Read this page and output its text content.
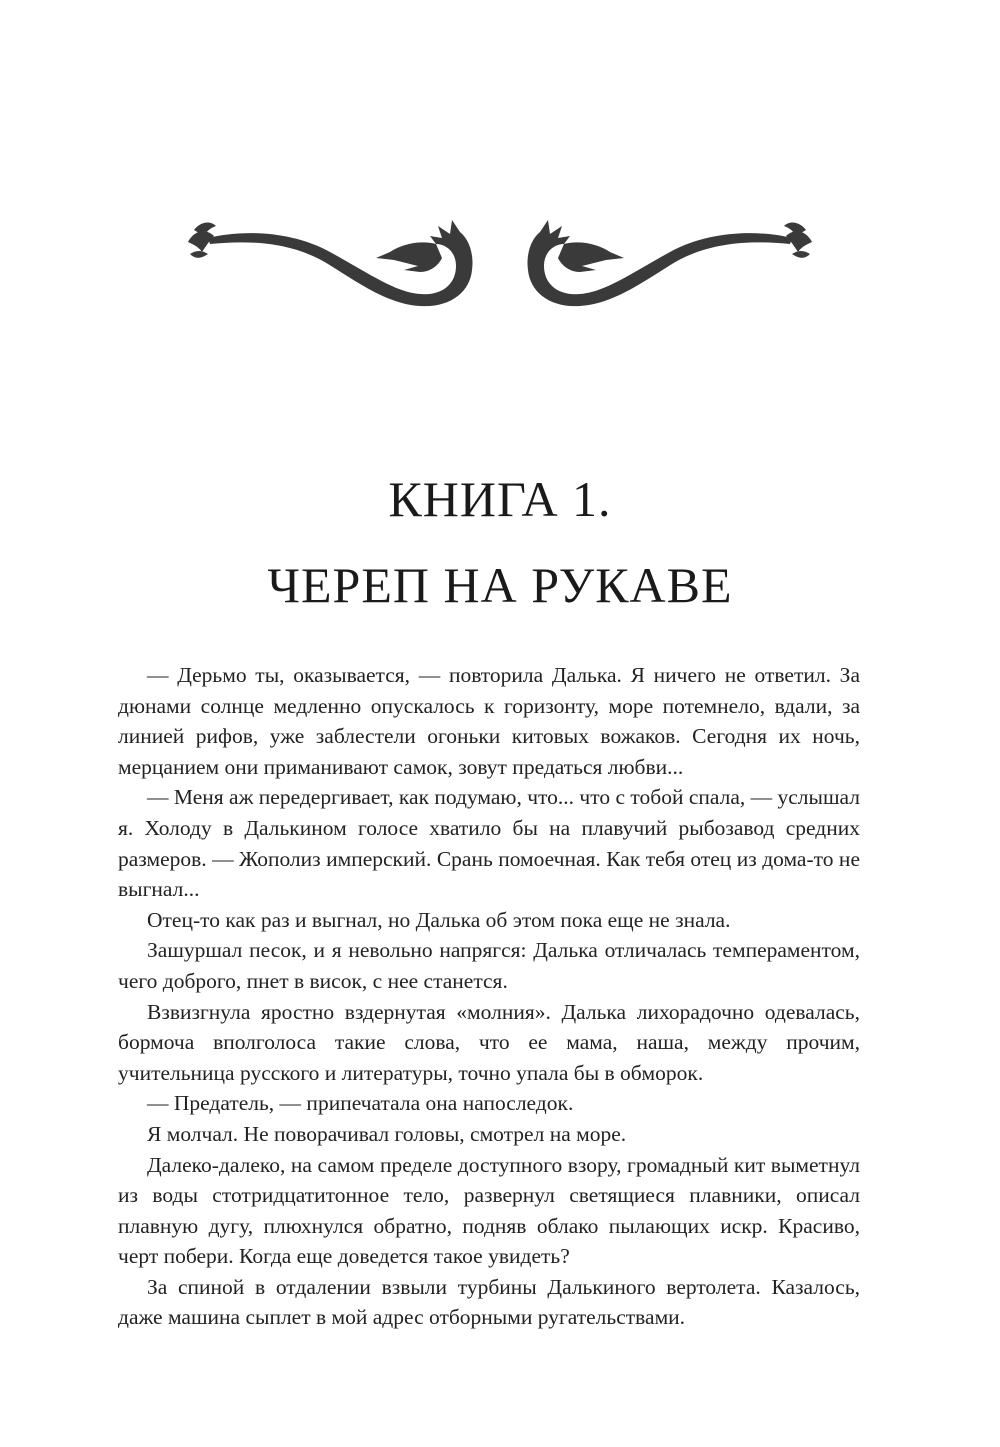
КНИГА 1.
ЧЕРЕП НА РУКАВЕ

— Дерьмо ты, оказывается, — повторила Далька. Я ничего не ответил. За дюнами солнце медленно опускалось к горизонту, море потемнело, вдали, за линией рифов, уже заблестели огоньки китовых вожаков. Сегодня их ночь, мерцанием они приманивают самок, зовут предаться любви...

— Меня аж передергивает, как подумаю, что... что с тобой спала, — услышал я. Холоду в Далькином голосе хватило бы на плавучий рыбозавод средних размеров. — Жополиз имперский. Срань помоечная. Как тебя отец из дома-то не выгнал...

Отец-то как раз и выгнал, но Далька об этом пока еще не знала.

Зашуршал песок, и я невольно напрягся: Далька отличалась темпераментом, чего доброго, пнет в висок, с нее станется.

Взвизгнула яростно вздернутая «молния». Далька лихорадочно одевалась, бормоча вполголоса такие слова, что ее мама, наша, между прочим, учительница русского и литературы, точно упала бы в обморок.

— Предатель, — припечатала она напоследок.

Я молчал. Не поворачивал головы, смотрел на море.

Далеко-далеко, на самом пределе доступного взору, громадный кит выметнул из воды стотридцатитонное тело, развернул светящиеся плавники, описал плавную дугу, плюхнулся обратно, подняв облако пылающих искр. Красиво, черт побери. Когда еще доведется такое увидеть?

За спиной в отдалении взвыли турбины Далькиного вертолета. Казалось, даже машина сыплет в мой адрес отборными ругательствами.
